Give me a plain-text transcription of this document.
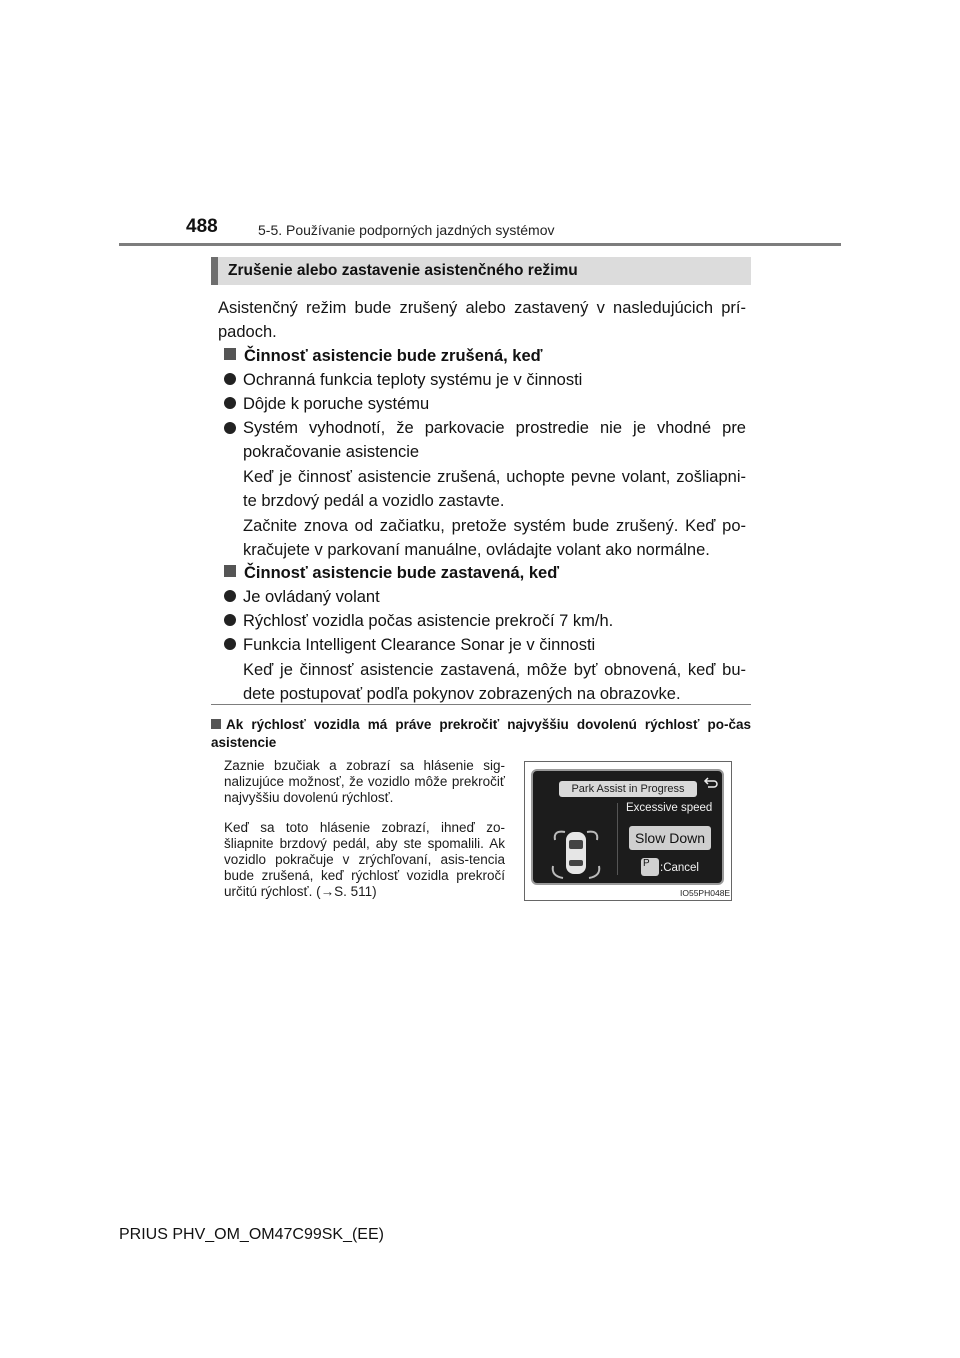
488	5-5. Používanie podporných jazdných systémov
Zrušenie alebo zastavenie asistenčného režimu
Asistenčný režim bude zrušený alebo zastavený v nasledujúcich prí-padoch.
Činnosť asistencie bude zrušená, keď
Ochranná funkcia teploty systému je v činnosti
Dôjde k poruche systému
Systém vyhodnotí, že parkovacie prostredie nie je vhodné pre pokračovanie asistencie
Keď je činnosť asistencie zrušená, uchopte pevne volant, zošliapni-te brzdový pedál a vozidlo zastavte.
Začnite znova od začiatku, pretože systém bude zrušený. Keď po-kračujete v parkovaní manuálne, ovládajte volant ako normálne.
Činnosť asistencie bude zastavená, keď
Je ovládaný volant
Rýchlosť vozidla počas asistencie prekročí 7 km/h.
Funkcia Intelligent Clearance Sonar je v činnosti
Keď je činnosť asistencie zastavená, môže byť obnovená, keď bu-dete postupovať podľa pokynov zobrazených na obrazovke.
Ak rýchlosť vozidla má práve prekročiť najvyššiu dovolenú rýchlosť po-čas asistencie
Zaznie bzučiak a zobrazí sa hlásenie sig-nalizujúce možnosť, že vozidlo môže prekročiť najvyššiu dovolenú rýchlosť.
Keď sa toto hlásenie zobrazí, ihneď zo-šliapnite brzdový pedál, aby ste spomalili. Ak vozidlo pokračuje v zrýchľovaní, asis-tencia bude zrušená, keď rýchlosť vozidla prekročí určitú rýchlosť. (→S. 511)
Park Assist in Progress
Excessive speed
Slow Down
P :Cancel
IO55PH048E
PRIUS PHV_OM_OM47C99SK_(EE)
